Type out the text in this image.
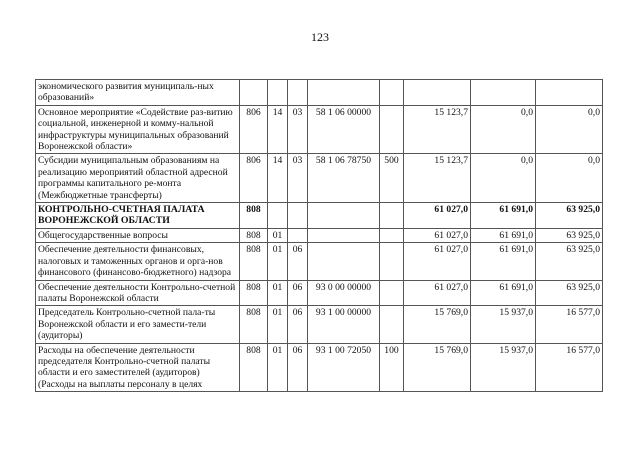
123
экономического развития муниципаль-ных образований»								
Основное мероприятие «Содействие раз-витию социальной, инженерной и комму-нальной инфраструктуры муниципальных образований Воронежской области»	806	14	03	58 1 06 00000		15 123,7	0,0	0,0
Субсидии муниципальным образованиям на реализацию мероприятий областной адресной программы капитального ре-монта (Межбюджетные трансферты)	806	14	03	58 1 06 78750	500	15 123,7	0,0	0,0
КОНТРОЛЬНО-СЧЕТНАЯ ПАЛАТА ВОРОНЕЖСКОЙ ОБЛАСТИ	808					61 027,0	61 691,0	63 925,0
Общегосударственные вопросы	808	01				61 027,0	61 691,0	63 925,0
Обеспечение деятельности финансовых, налоговых и таможенных органов и орга-нов финансового (финансово-бюджетного) надзора	808	01	06			61 027,0	61 691,0	63 925,0
Обеспечение деятельности Контрольно-счетной палаты Воронежской области	808	01	06	93 0 00 00000		61 027,0	61 691,0	63 925,0
Председатель Контрольно-счетной пала-ты Воронежской области и его замести-тели (аудиторы)	808	01	06	93 1 00 00000		15 769,0	15 937,0	16 577,0
Расходы на обеспечение деятельности председателя Контрольно-счетной палаты области и его заместителей (аудиторов) (Расходы на выплаты персоналу в целях	808	01	06	93 1 00 72050	100	15 769,0	15 937,0	16 577,0
